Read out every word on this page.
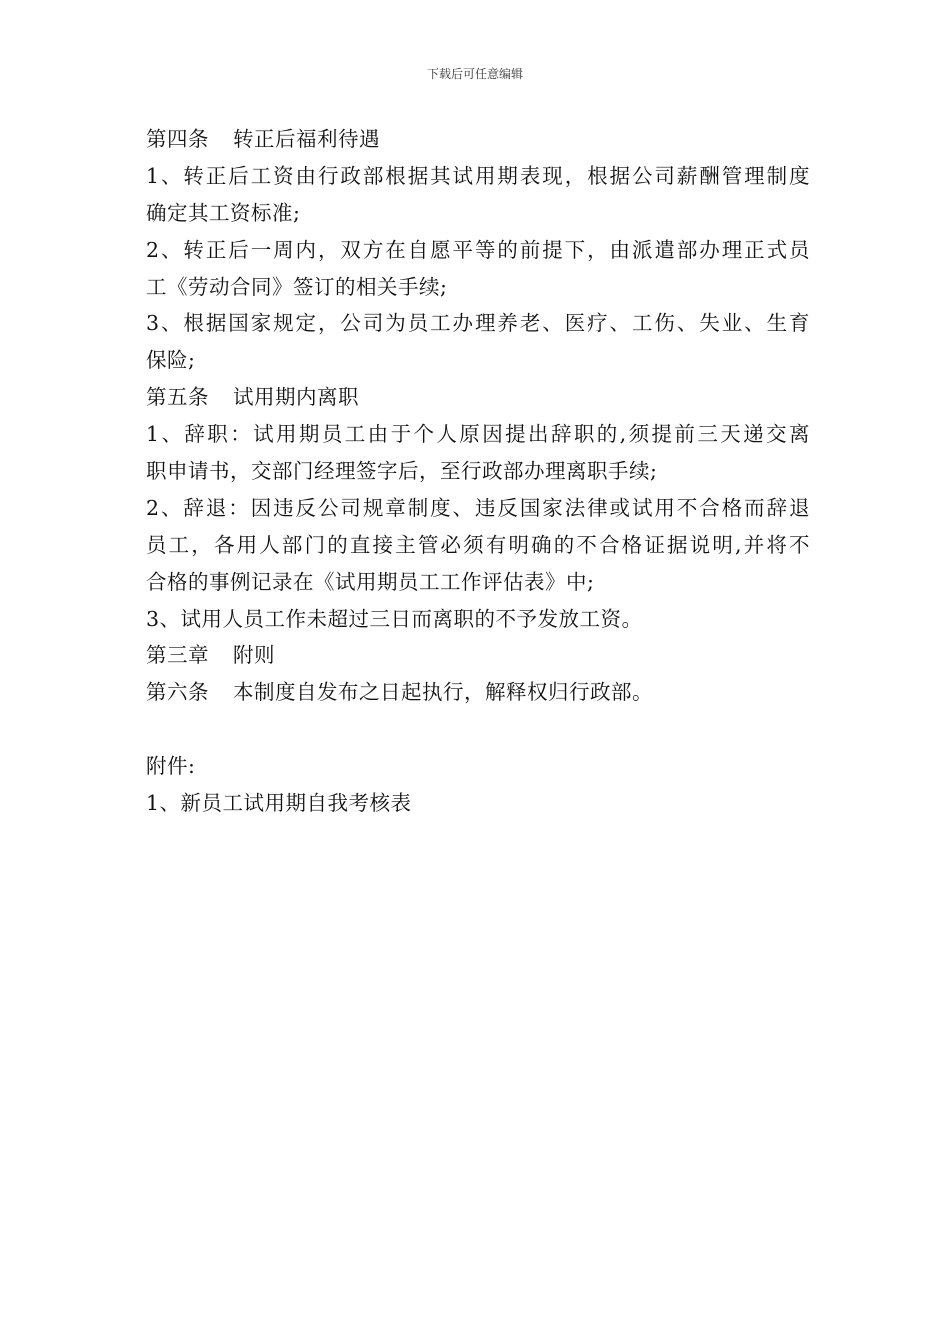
下载后可任意编辑
第四条 转正后福利待遇
1、转正后工资由行政部根据其试用期表现，根据公司薪酬管理制度
确定其工资标准;
2、转正后一周内，双方在自愿平等的前提下，由派遣部办理正式员
工《劳动合同》签订的相关手续;
3、根据国家规定，公司为员工办理养老、医疗、工伤、失业、生育
保险;
第五条 试用期内离职
1、辞职：试用期员工由于个人原因提出辞职的,须提前三天递交离
职申请书，交部门经理签字后，至行政部办理离职手续;
2、辞退：因违反公司规章制度、违反国家法律或试用不合格而辞退
员工，各用人部门的直接主管必须有明确的不合格证据说明,并将不
合格的事例记录在《试用期员工工作评估表》中;
3、试用人员工作未超过三日而离职的不予发放工资。
第三章 附则
第六条 本制度自发布之日起执行，解释权归行政部。
附件:
1、新员工试用期自我考核表
